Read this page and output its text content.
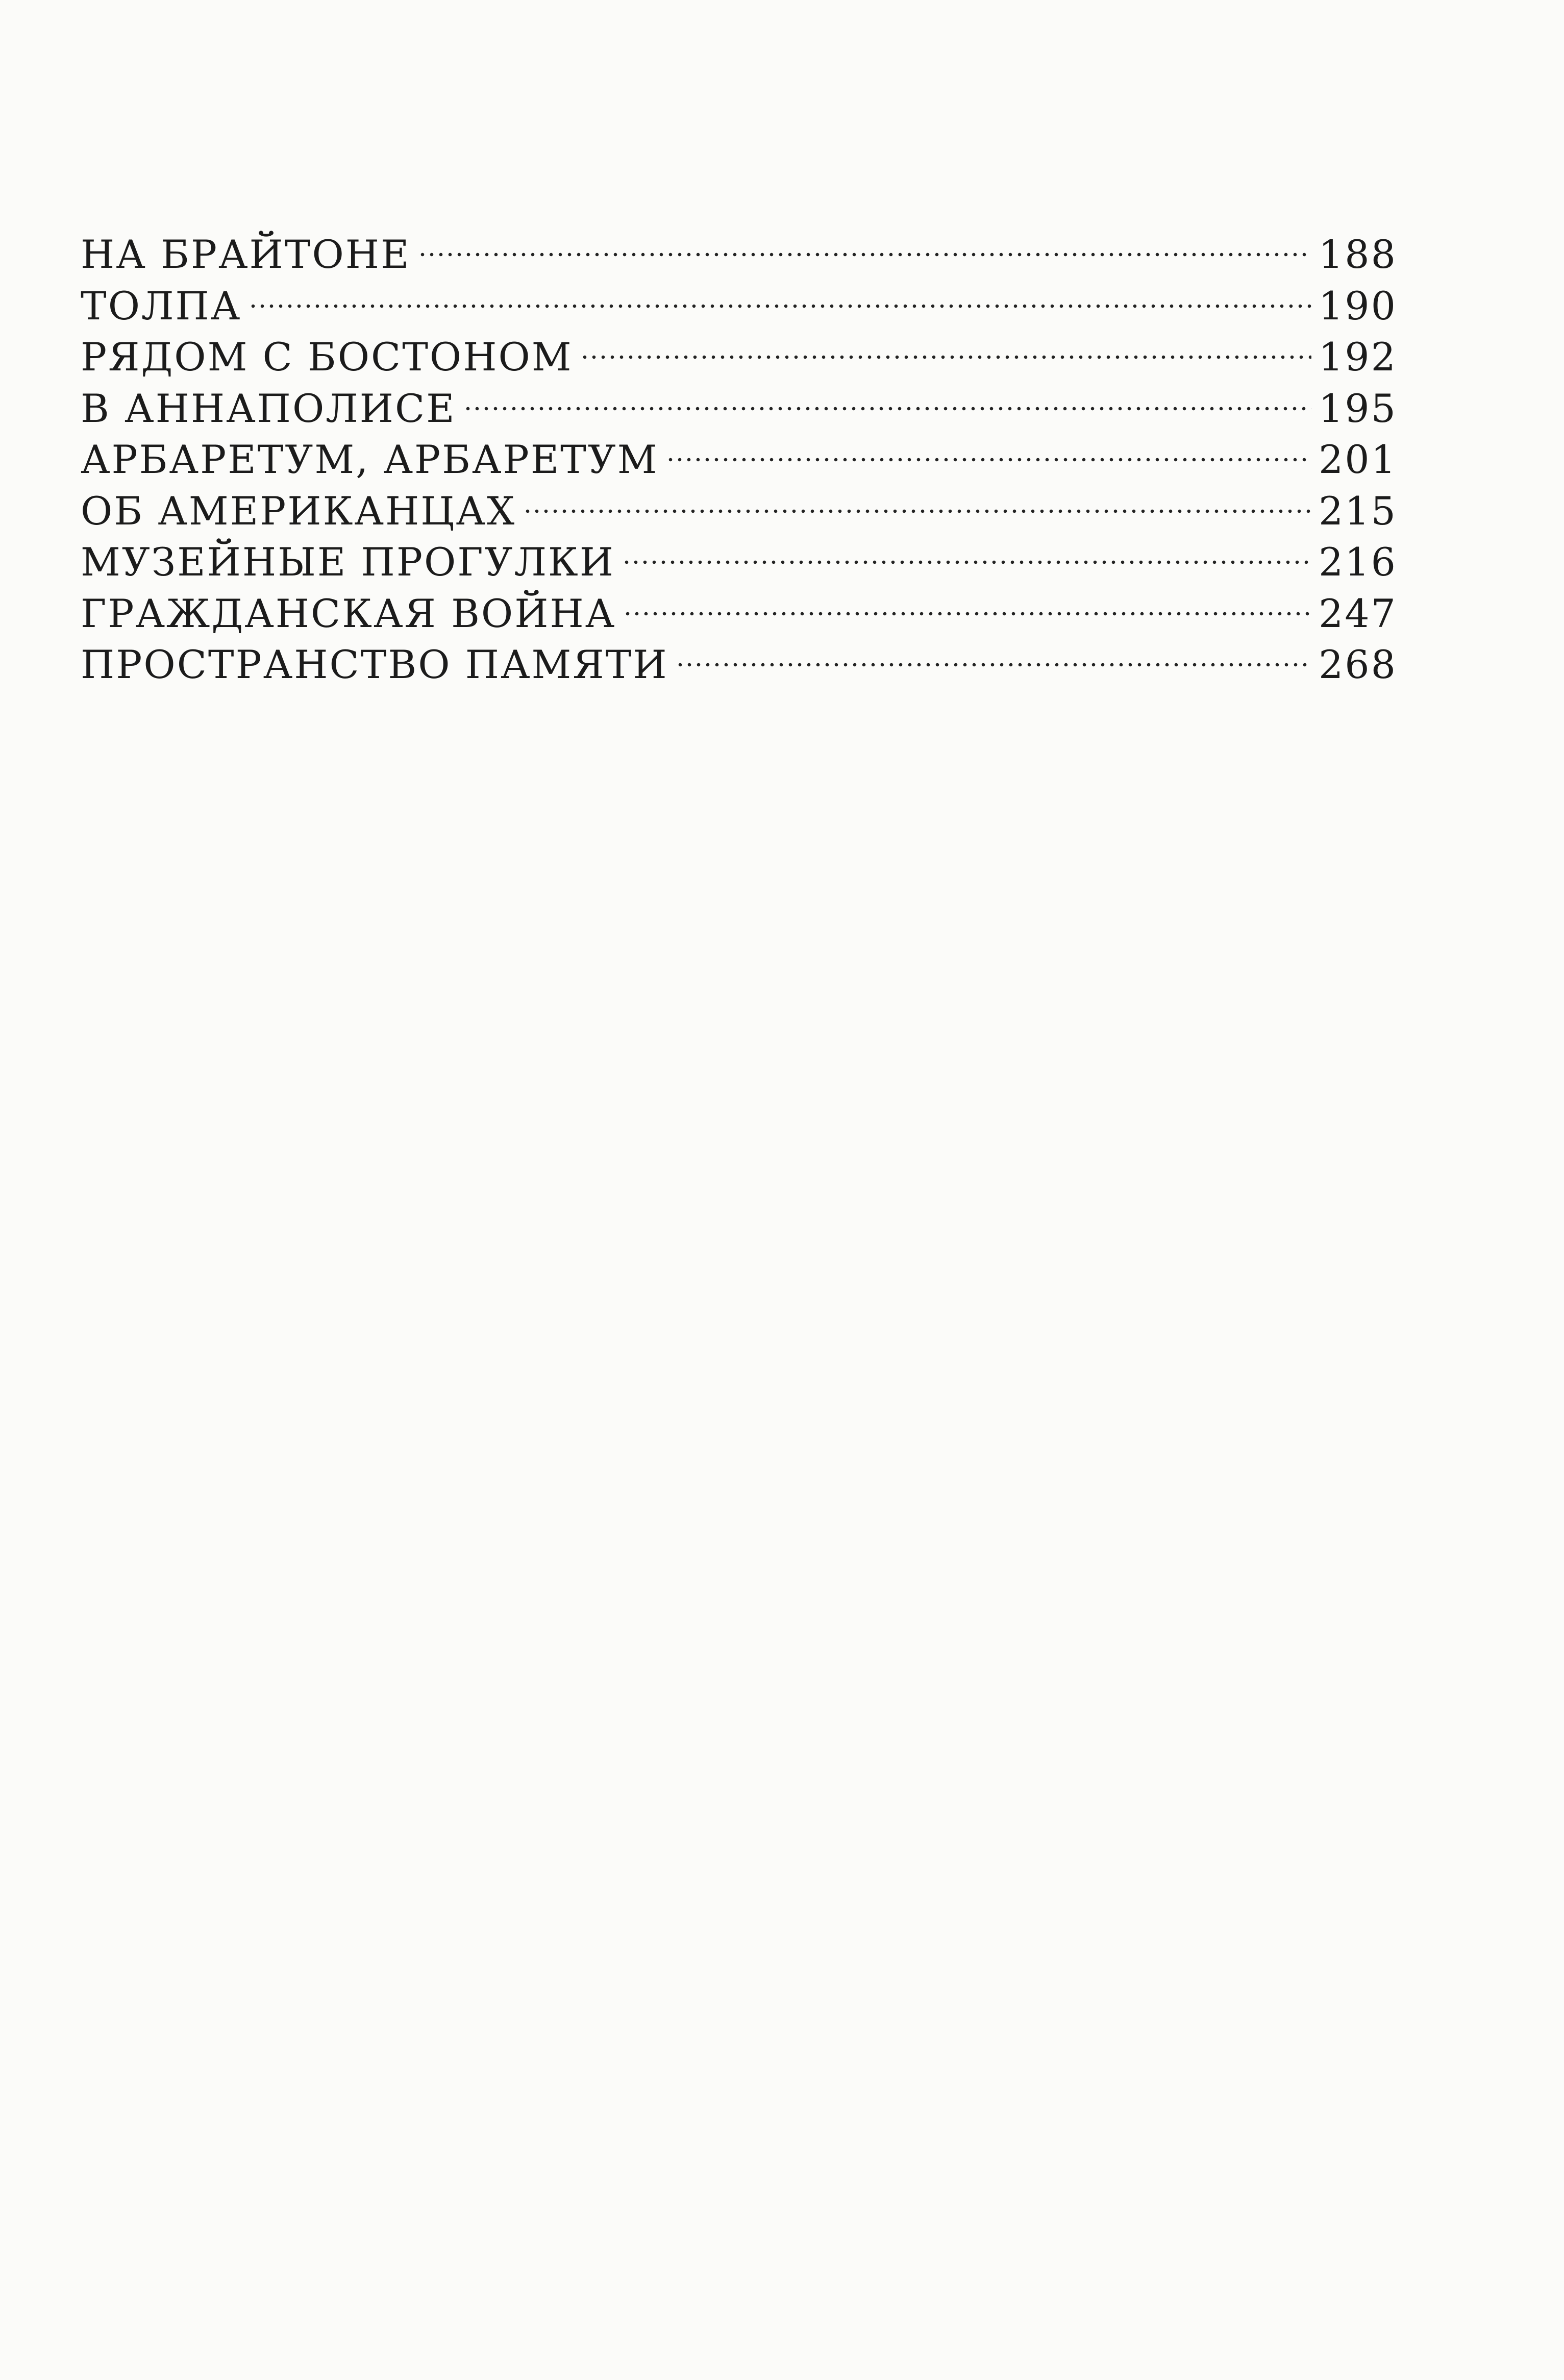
НА БРАЙТОНЕ	188
ТОЛПА	190
РЯДОМ С БОСТОНОМ	192
В АННАПОЛИСЕ	195
АРБАРЕТУМ, АРБАРЕТУМ	201
ОБ АМЕРИКАНЦАХ	215
МУЗЕЙНЫЕ ПРОГУЛКИ	216
ГРАЖДАНСКАЯ ВОЙНА	247
ПРОСТРАНСТВО ПАМЯТИ	268
